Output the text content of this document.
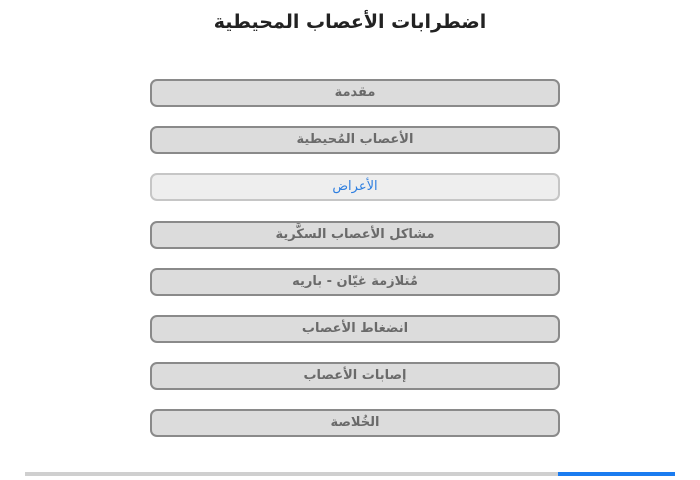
اضطرابات الأعصاب المحيطية
مقدمة
الأعصاب المُحيطية
الأعراض
مشاكل الأعصاب السكَّرية
مُتلازمة غيّان - باريه
انضغاط الأعصاب
إصابات الأعصاب
الخُلاصة
